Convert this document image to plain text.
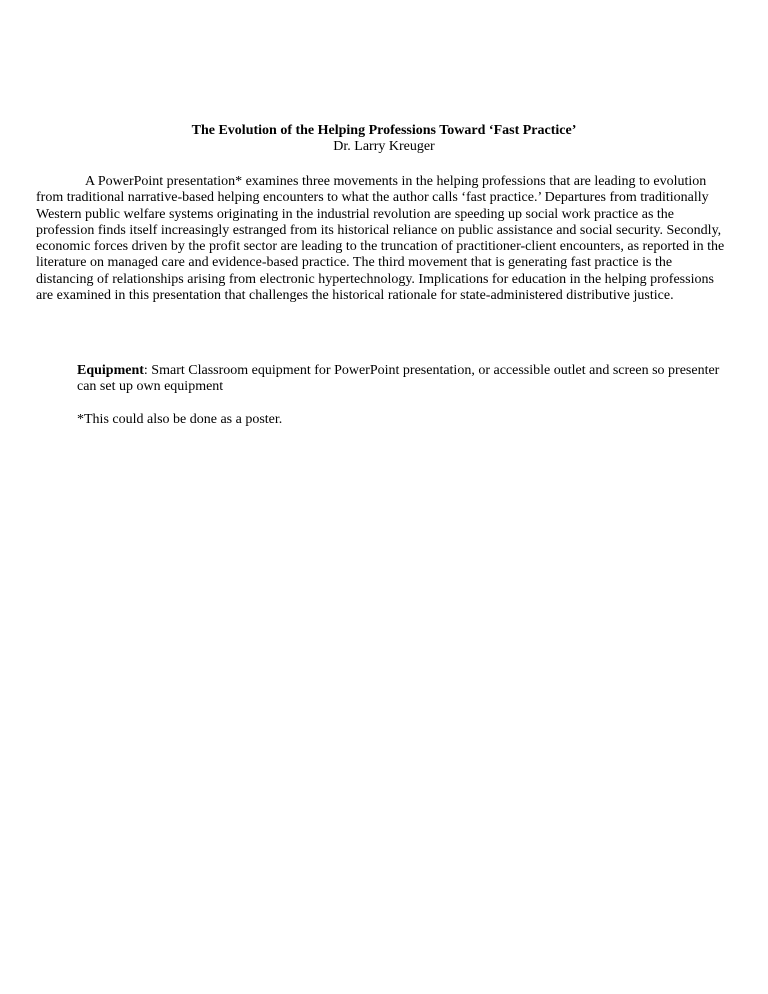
The Evolution of the Helping Professions Toward ‘Fast Practice’
Dr. Larry Kreuger

A PowerPoint presentation* examines three movements in the helping professions that are leading to evolution from traditional narrative-based helping encounters to what the author calls ‘fast practice.’ Departures from traditionally Western public welfare systems originating in the industrial revolution are speeding up social work practice as the profession finds itself increasingly estranged from its historical reliance on public assistance and social security. Secondly, economic forces driven by the profit sector are leading to the truncation of practitioner-client encounters, as reported in the literature on managed care and evidence-based practice. The third movement that is generating fast practice is the distancing of relationships arising from electronic hypertechnology. Implications for education in the helping professions are examined in this presentation that challenges the historical rationale for state-administered distributive justice.

Equipment: Smart Classroom equipment for PowerPoint presentation, or accessible outlet and screen so presenter can set up own equipment

*This could also be done as a poster.
